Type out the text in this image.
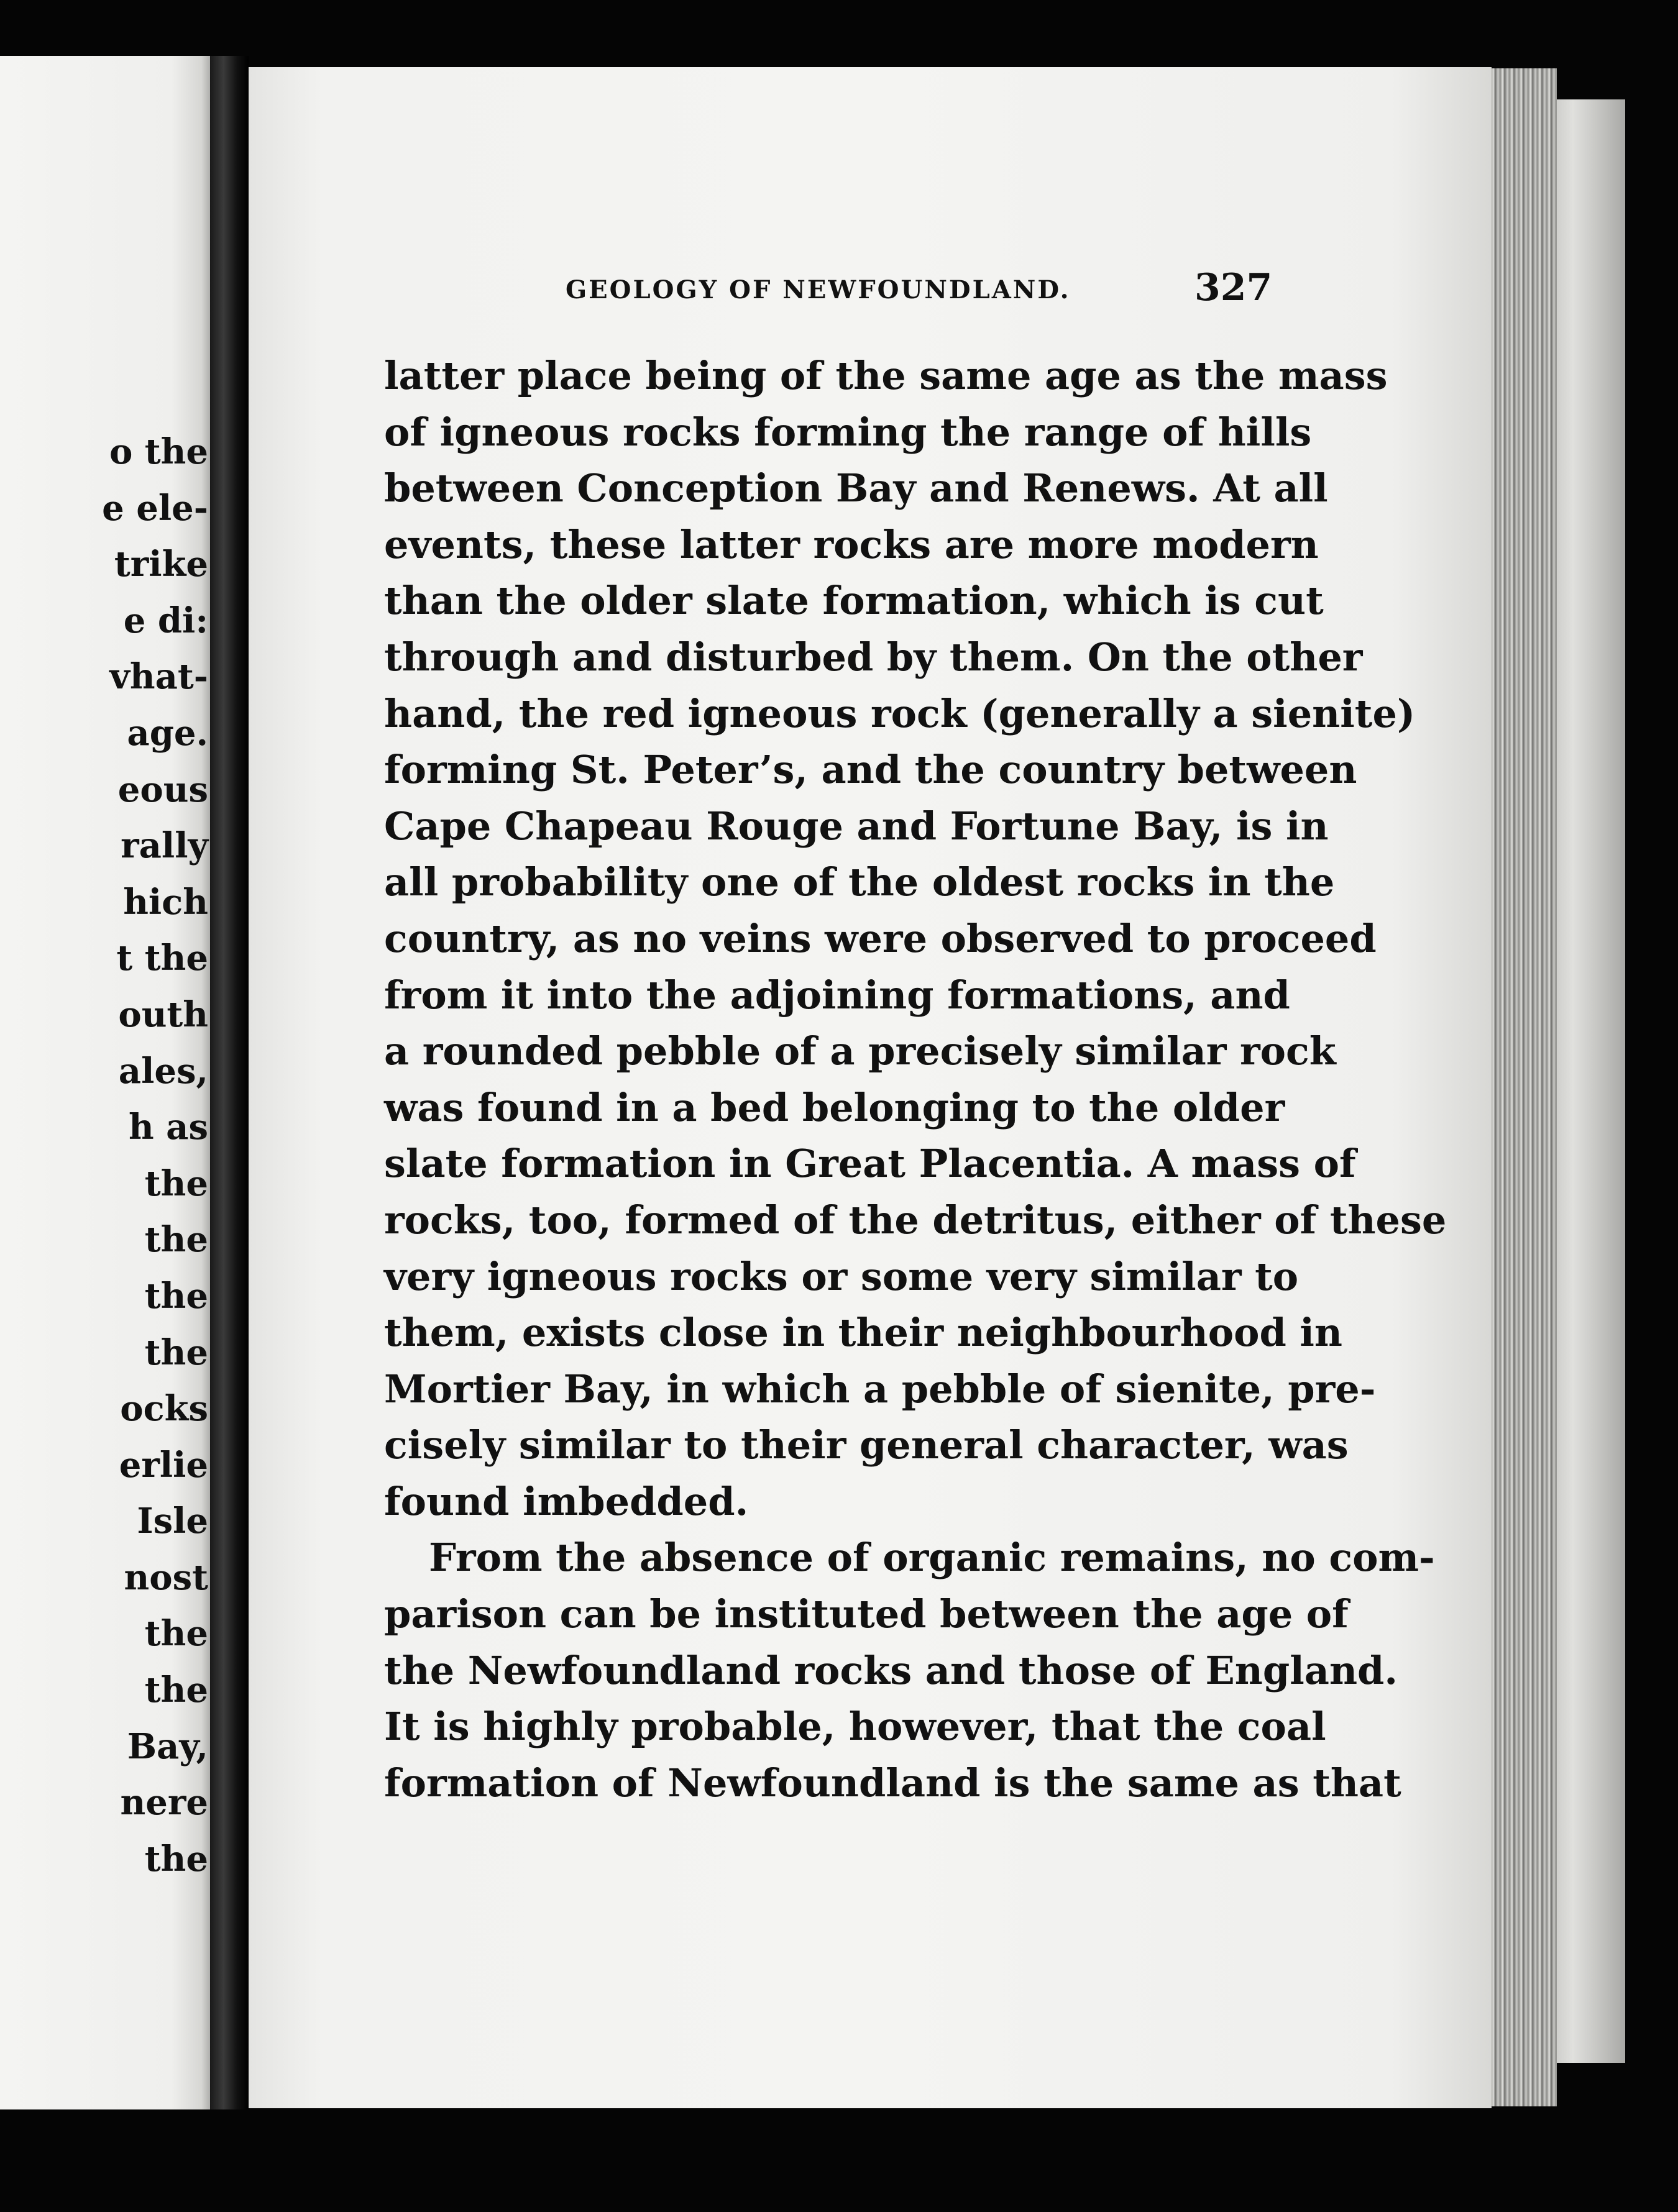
o the
e ele-
trike
e di:
vhat-
age.
eous
rally
hich
t the
outh
ales,
h as
the
the
the
the
ocks
erlie
Isle
nost
the
the
Bay,
nere
the
GEOLOGY OF NEWFOUNDLAND.	327
latter place being of the same age as the mass
of igneous rocks forming the range of hills
between Conception Bay and Renews. At all
events, these latter rocks are more modern
than the older slate formation, which is cut
through and disturbed by them. On the other
hand, the red igneous rock (generally a sienite)
forming St. Peter’s, and the country between
Cape Chapeau Rouge and Fortune Bay, is in
all probability one of the oldest rocks in the
country, as no veins were observed to proceed
from it into the adjoining formations, and
a rounded pebble of a precisely similar rock
was found in a bed belonging to the older
slate formation in Great Placentia. A mass of
rocks, too, formed of the detritus, either of these
very igneous rocks or some very similar to
them, exists close in their neighbourhood in
Mortier Bay, in which a pebble of sienite, pre-
cisely similar to their general character, was
found imbedded.
From the absence of organic remains, no com-
parison can be instituted between the age of
the Newfoundland rocks and those of England.
It is highly probable, however, that the coal
formation of Newfoundland is the same as that
